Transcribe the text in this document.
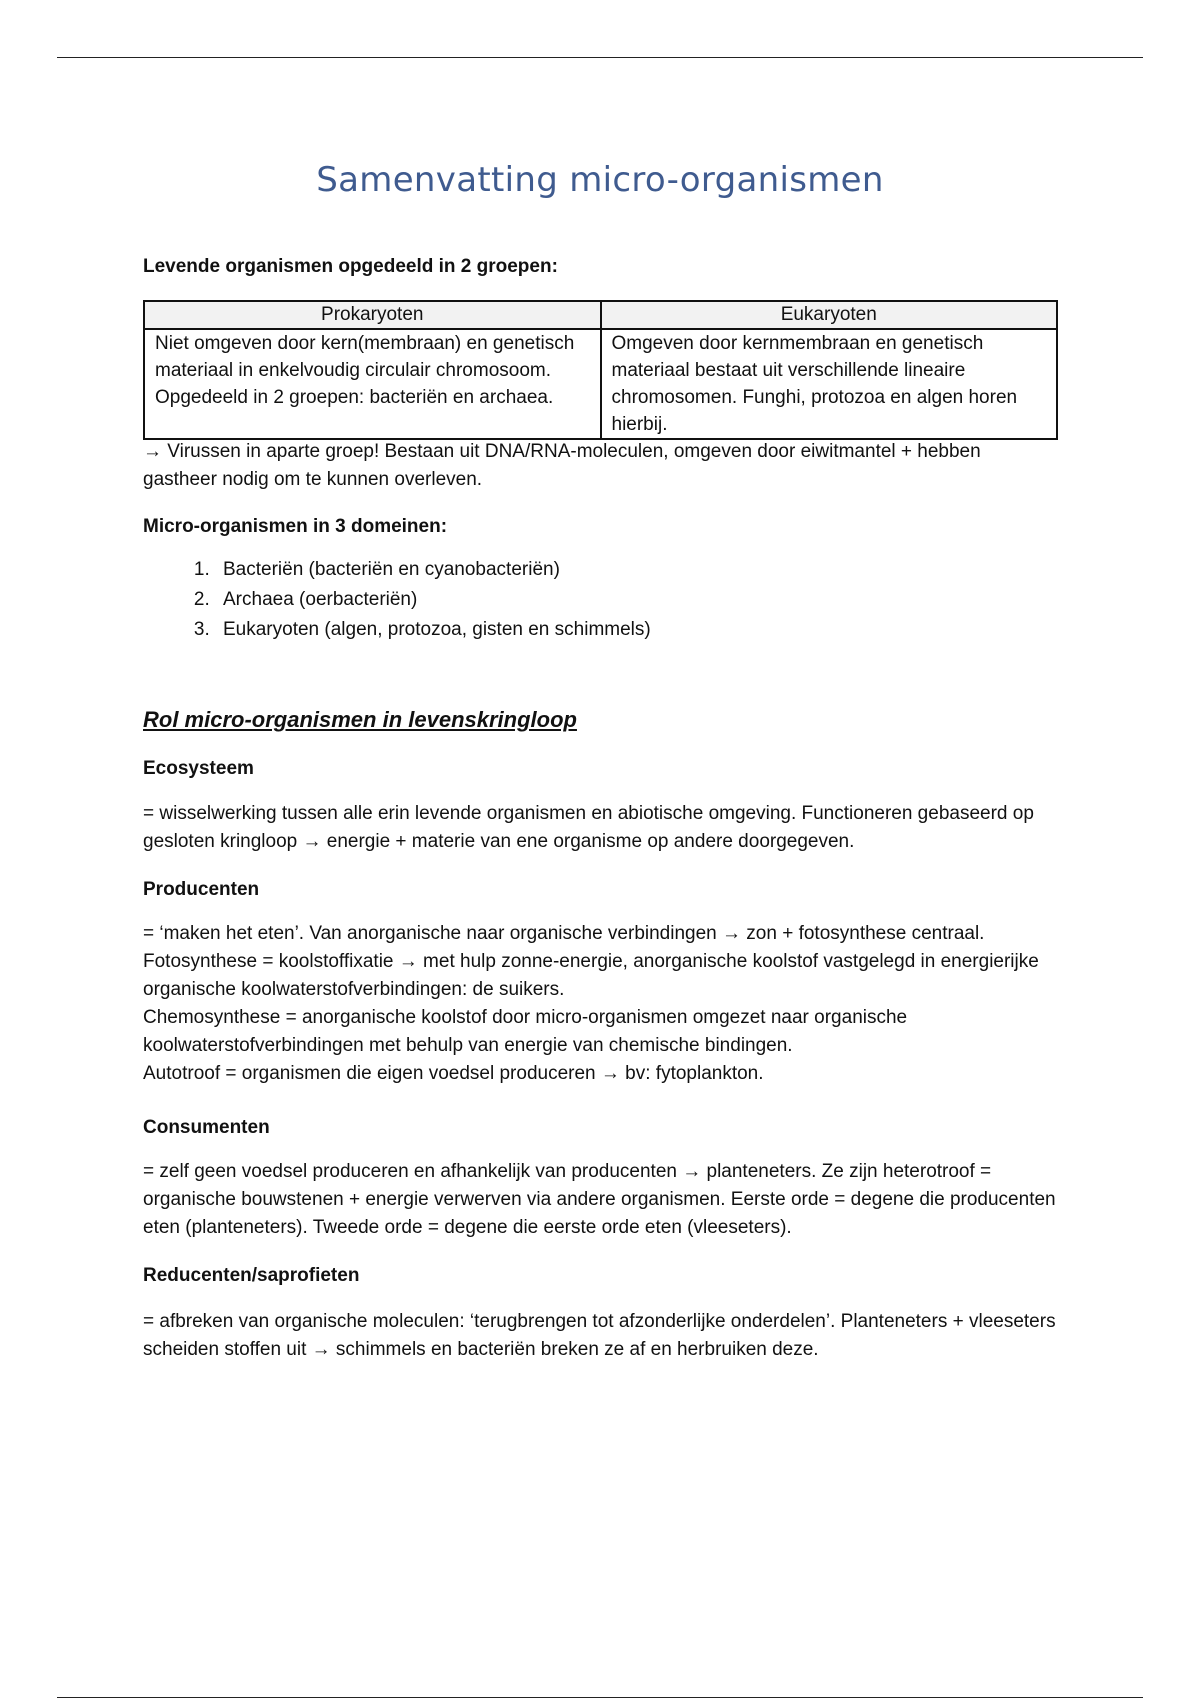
Samenvatting micro-organismen
Levende organismen opgedeeld in 2 groepen:
Prokaryoten	Eukaryoten
Niet omgeven door kern(membraan) en genetisch materiaal in enkelvoudig circulair chromosoom. Opgedeeld in 2 groepen: bacteriën en archaea.	Omgeven door kernmembraan en genetisch materiaal bestaat uit verschillende lineaire chromosomen. Funghi, protozoa en algen horen hierbij.
→ Virussen in aparte groep! Bestaan uit DNA/RNA-moleculen, omgeven door eiwitmantel + hebben gastheer nodig om te kunnen overleven.
Micro-organismen in 3 domeinen:
1. Bacteriën (bacteriën en cyanobacteriën)
2. Archaea (oerbacteriën)
3. Eukaryoten (algen, protozoa, gisten en schimmels)
Rol micro-organismen in levenskringloop
Ecosysteem
= wisselwerking tussen alle erin levende organismen en abiotische omgeving. Functioneren gebaseerd op gesloten kringloop → energie + materie van ene organisme op andere doorgegeven.
Producenten
= ‘maken het eten’. Van anorganische naar organische verbindingen → zon + fotosynthese centraal.
Fotosynthese = koolstoffixatie → met hulp zonne-energie, anorganische koolstof vastgelegd in energierijke organische koolwaterstofverbindingen: de suikers.
Chemosynthese = anorganische koolstof door micro-organismen omgezet naar organische koolwaterstofverbindingen met behulp van energie van chemische bindingen.
Autotroof = organismen die eigen voedsel produceren → bv: fytoplankton.
Consumenten
= zelf geen voedsel produceren en afhankelijk van producenten → planteneters. Ze zijn heterotroof = organische bouwstenen + energie verwerven via andere organismen. Eerste orde = degene die producenten eten (planteneters). Tweede orde = degene die eerste orde eten (vleeseters).
Reducenten/saprofieten
= afbreken van organische moleculen: ‘terugbrengen tot afzonderlijke onderdelen’. Planteneters + vleeseters scheiden stoffen uit → schimmels en bacteriën breken ze af en herbruiken deze.
